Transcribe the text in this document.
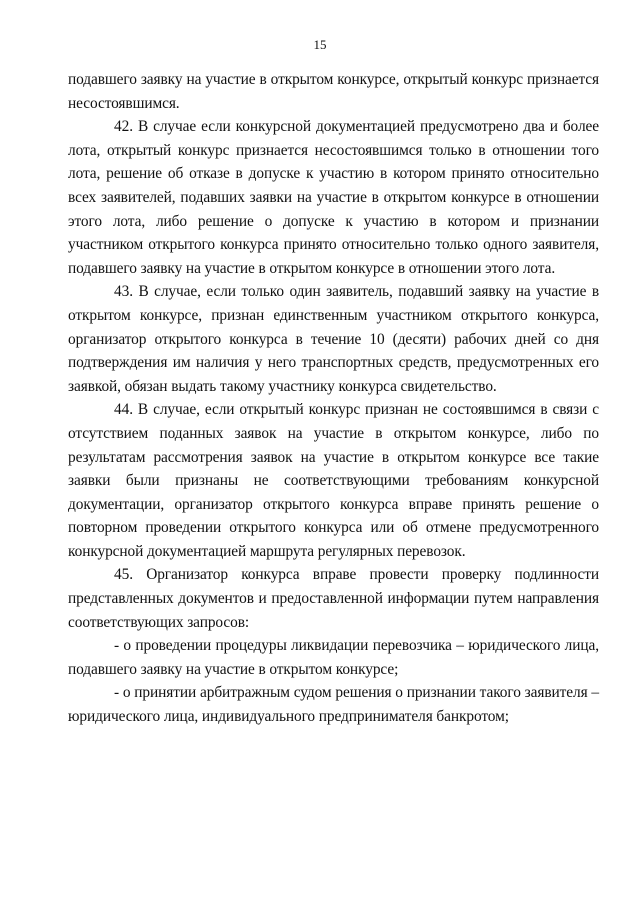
15

подавшего заявку на участие в открытом конкурсе, открытый конкурс признается несостоявшимся.

42. В случае если конкурсной документацией предусмотрено два и более лота, открытый конкурс признается несостоявшимся только в отношении того лота, решение об отказе в допуске к участию в котором принято относительно всех заявителей, подавших заявки на участие в открытом конкурсе в отношении этого лота, либо решение о допуске к участию в котором и признании участником открытого конкурса принято относительно только одного заявителя, подавшего заявку на участие в открытом конкурсе в отношении этого лота.

43. В случае, если только один заявитель, подавший заявку на участие в открытом конкурсе, признан единственным участником открытого конкурса, организатор открытого конкурса в течение 10 (десяти) рабочих дней со дня подтверждения им наличия у него транспортных средств, предусмотренных его заявкой, обязан выдать такому участнику конкурса свидетельство.

44. В случае, если открытый конкурс признан не состоявшимся в связи с отсутствием поданных заявок на участие в открытом конкурсе, либо по результатам рассмотрения заявок на участие в открытом конкурсе все такие заявки были признаны не соответствующими требованиям конкурсной документации, организатор открытого конкурса вправе принять решение о повторном проведении открытого конкурса или об отмене предусмотренного конкурсной документацией маршрута регулярных перевозок.

45. Организатор конкурса вправе провести проверку подлинности представленных документов и предоставленной информации путем направления соответствующих запросов:

- о проведении процедуры ликвидации перевозчика – юридического лица, подавшего заявку на участие в открытом конкурсе;

- о принятии арбитражным судом решения о признании такого заявителя – юридического лица, индивидуального предпринимателя банкротом;
